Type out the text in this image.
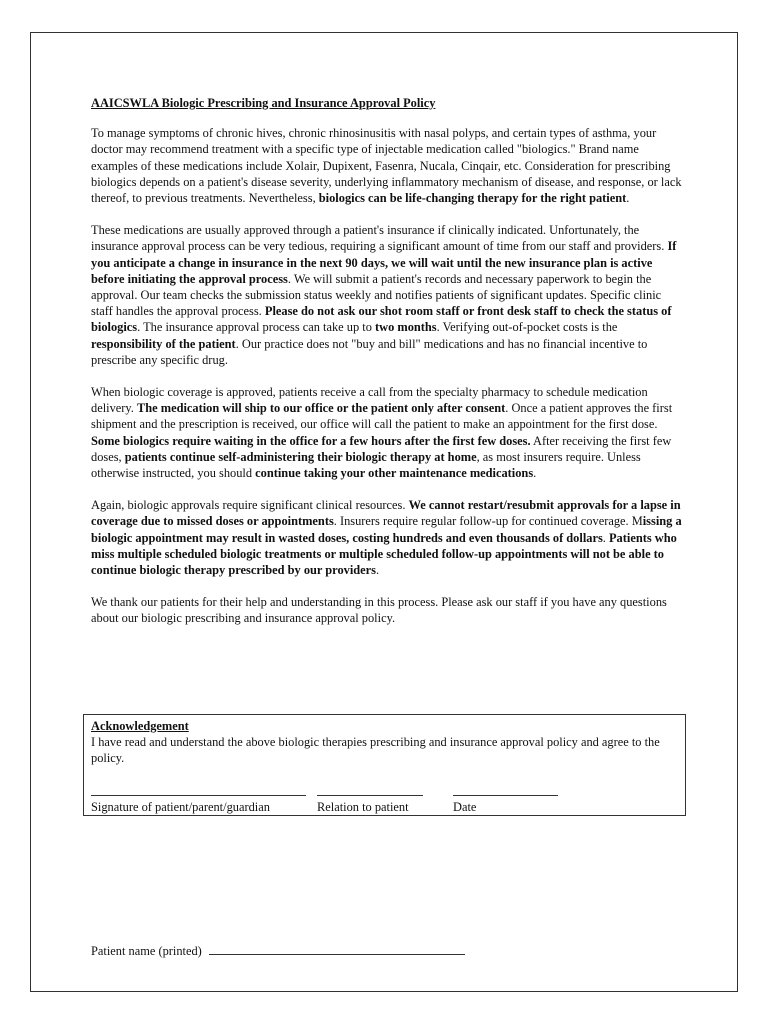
AAICSWLA Biologic Prescribing and Insurance Approval Policy
To manage symptoms of chronic hives, chronic rhinosinusitis with nasal polyps, and certain types of asthma, your doctor may recommend treatment with a specific type of injectable medication called "biologics." Brand name examples of these medications include Xolair, Dupixent, Fasenra, Nucala, Cinqair, etc. Consideration for prescribing biologics depends on a patient's disease severity, underlying inflammatory mechanism of disease, and response, or lack thereof, to previous treatments. Nevertheless, biologics can be life-changing therapy for the right patient.
These medications are usually approved through a patient's insurance if clinically indicated. Unfortunately, the insurance approval process can be very tedious, requiring a significant amount of time from our staff and providers. If you anticipate a change in insurance in the next 90 days, we will wait until the new insurance plan is active before initiating the approval process. We will submit a patient's records and necessary paperwork to begin the approval. Our team checks the submission status weekly and notifies patients of significant updates. Specific clinic staff handles the approval process. Please do not ask our shot room staff or front desk staff to check the status of biologics. The insurance approval process can take up to two months. Verifying out-of-pocket costs is the responsibility of the patient. Our practice does not "buy and bill" medications and has no financial incentive to prescribe any specific drug.
When biologic coverage is approved, patients receive a call from the specialty pharmacy to schedule medication delivery. The medication will ship to our office or the patient only after consent. Once a patient approves the first shipment and the prescription is received, our office will call the patient to make an appointment for the first dose. Some biologics require waiting in the office for a few hours after the first few doses. After receiving the first few doses, patients continue self-administering their biologic therapy at home, as most insurers require. Unless otherwise instructed, you should continue taking your other maintenance medications.
Again, biologic approvals require significant clinical resources. We cannot restart/resubmit approvals for a lapse in coverage due to missed doses or appointments. Insurers require regular follow-up for continued coverage. Missing a biologic appointment may result in wasted doses, costing hundreds and even thousands of dollars. Patients who miss multiple scheduled biologic treatments or multiple scheduled follow-up appointments will not be able to continue biologic therapy prescribed by our providers.
We thank our patients for their help and understanding in this process. Please ask our staff if you have any questions about our biologic prescribing and insurance approval policy.
Acknowledgement
I have read and understand the above biologic therapies prescribing and insurance approval policy and agree to the policy.
Signature of patient/parent/guardian	Relation to patient	Date
Patient name (printed)
